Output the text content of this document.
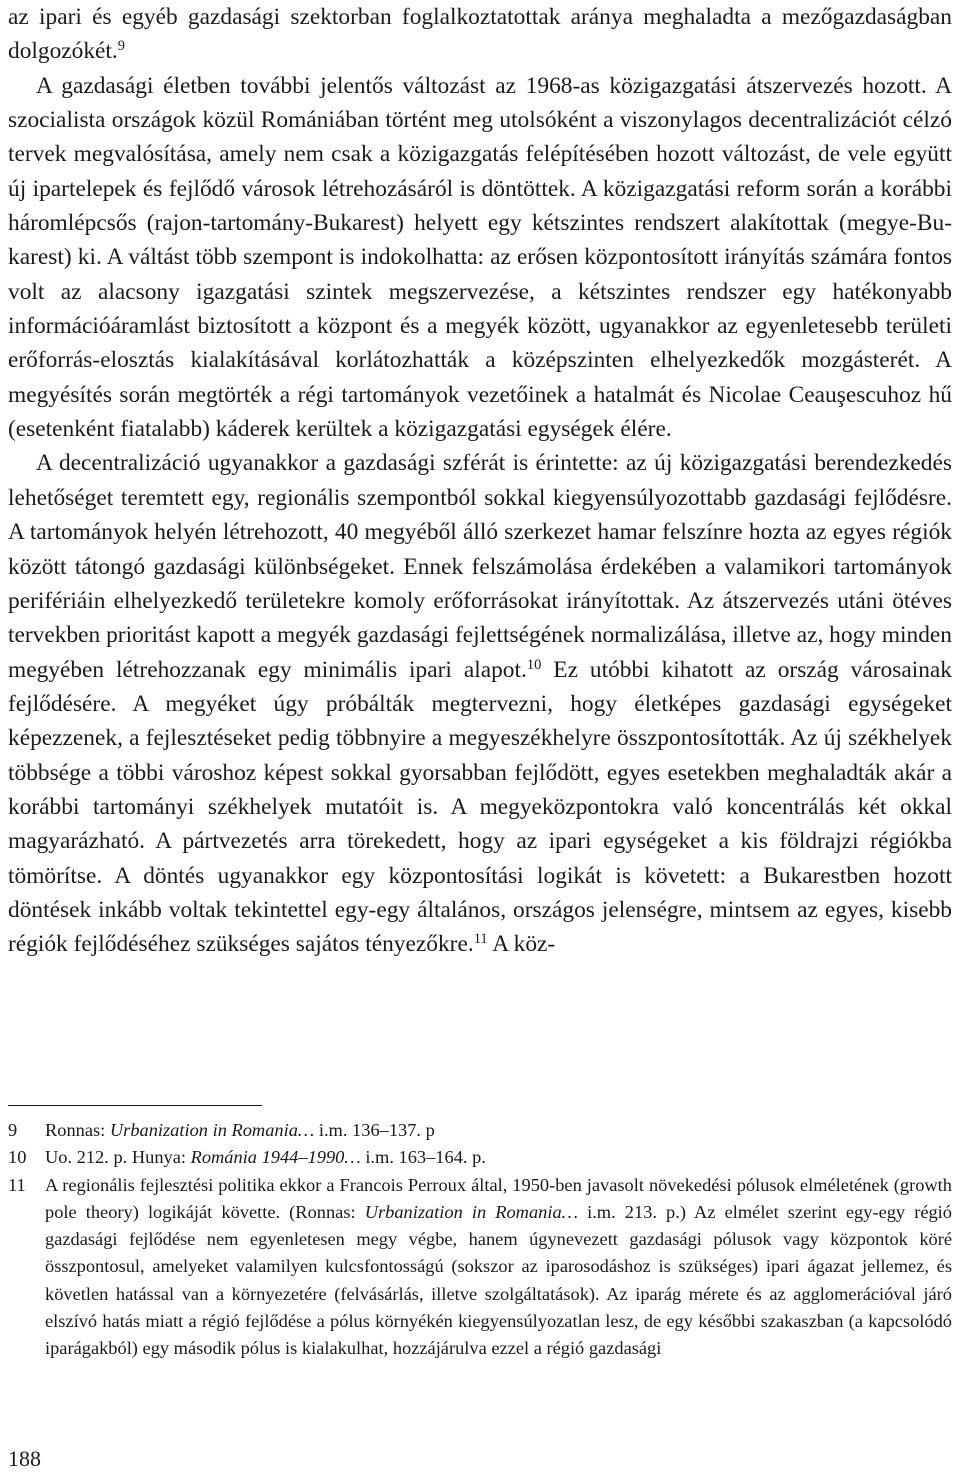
az ipari és egyéb gazdasági szektorban foglalkoztatottak aránya meghaladta a mezőgazdaságban dolgozókét.$^9$

A gazdasági életben további jelentős változást az 1968-as közigazgatási átszervezés hozott. A szocialista országok közül Romániában történt meg utolsóként a viszonylagos decentralizációt célzó tervek megvalósítása, amely nem csak a közigazgatás felépítésében hozott változást, de vele együtt új ipartelepek és fejlődő városok létrehozásáról is döntöttek. A közigazgatási reform során a korábbi háromlépcsős (rajon-tartomány-Bukarest) helyett egy kétszintes rendszert alakítottak (megye-Bukarest) ki. A váltást több szempont is indokolhatta: az erősen központosított irányítás számára fontos volt az alacsony igazgatási szintek megszervezése, a kétszintes rendszer egy hatékonyabb információáramlást biztosított a központ és a megyék között, ugyanakkor az egyenletesebb területi erőforrás-elosztás kialakításával korlátozhatták a középszinten elhelyezkedők mozgásterét. A megyésítés során megtörték a régi tartományok vezetőinek a hatalmát és Nicolae Ceauşescuhoz hű (esetenként fiatalabb) káderek kerültek a közigazgatási egységek élére.

A decentralizáció ugyanakkor a gazdasági szférát is érintette: az új közigazgatási berendezkedés lehetőséget teremtett egy, regionális szempontból sokkal kiegyensúlyozottabb gazdasági fejlődésre. A tartományok helyén létrehozott, 40 megyéből álló szerkezet hamar felszínre hozta az egyes régiók között tátongó gazdasági különbségeket. Ennek felszámolása érdekében a valamikori tartományok perifériáin elhelyezkedő területekre komoly erőforrásokat irányítottak. Az átszervezés utáni ötéves tervekben prioritást kapott a megyék gazdasági fejlettségének normalizálása, illetve az, hogy minden megyében létrehozzanak egy minimális ipari alapot.$^{10}$ Ez utóbbi kihatott az ország városainak fejlődésére. A megyéket úgy próbálták megtervezni, hogy életképes gazdasági egységeket képezzenek, a fejlesztéseket pedig többnyire a megyeszékhelyre összpontosították. Az új székhelyek többsége a többi városhoz képest sokkal gyorsabban fejlődött, egyes esetekben meghaladták akár a korábbi tartományi székhelyek mutatóit is. A megyeközpontokra való koncentrálás két okkal magyarázható. A pártvezetés arra törekedett, hogy az ipari egységeket a kis földrajzi régiókba tömörítse. A döntés ugyanakkor egy központosítási logikát is követett: a Bukarestben hozott döntések inkább voltak tekintettel egy-egy általános, országos jelenségre, mintsem az egyes, kisebb régiók fejlődéséhez szükséges sajátos tényezőkre.$^{11}$ A köz-

9	Ronnas: Urbanization in Romania… i.m. 136–137. p
10	Uo. 212. p. Hunya: Románia 1944–1990… i.m. 163–164. p.
11	A regionális fejlesztési politika ekkor a Francois Perroux által, 1950-ben javasolt növekedési pólusok elméletének (growth pole theory) logikáját követte. (Ronnas: Urbanization in Romania… i.m. 213. p.) Az elmélet szerint egy-egy régió gazdasági fejlődése nem egyenletesen megy végbe, hanem úgynevezett gazdasági pólusok vagy központok köré összpontosul, amelyeket valamilyen kulcsfontosságú (sokszor az iparosodáshoz is szükséges) ipari ágazat jellemez, és követlen hatással van a környezetére (felvásárlás, illetve szolgáltatások). Az iparág mérete és az agglomerációval járó elszívó hatás miatt a régió fejlődése a pólus környékén kiegyensúlyozatlan lesz, de egy későbbi szakaszban (a kapcsolódó iparágakból) egy második pólus is kialakulhat, hozzájárulva ezzel a régió gazdasági
188
